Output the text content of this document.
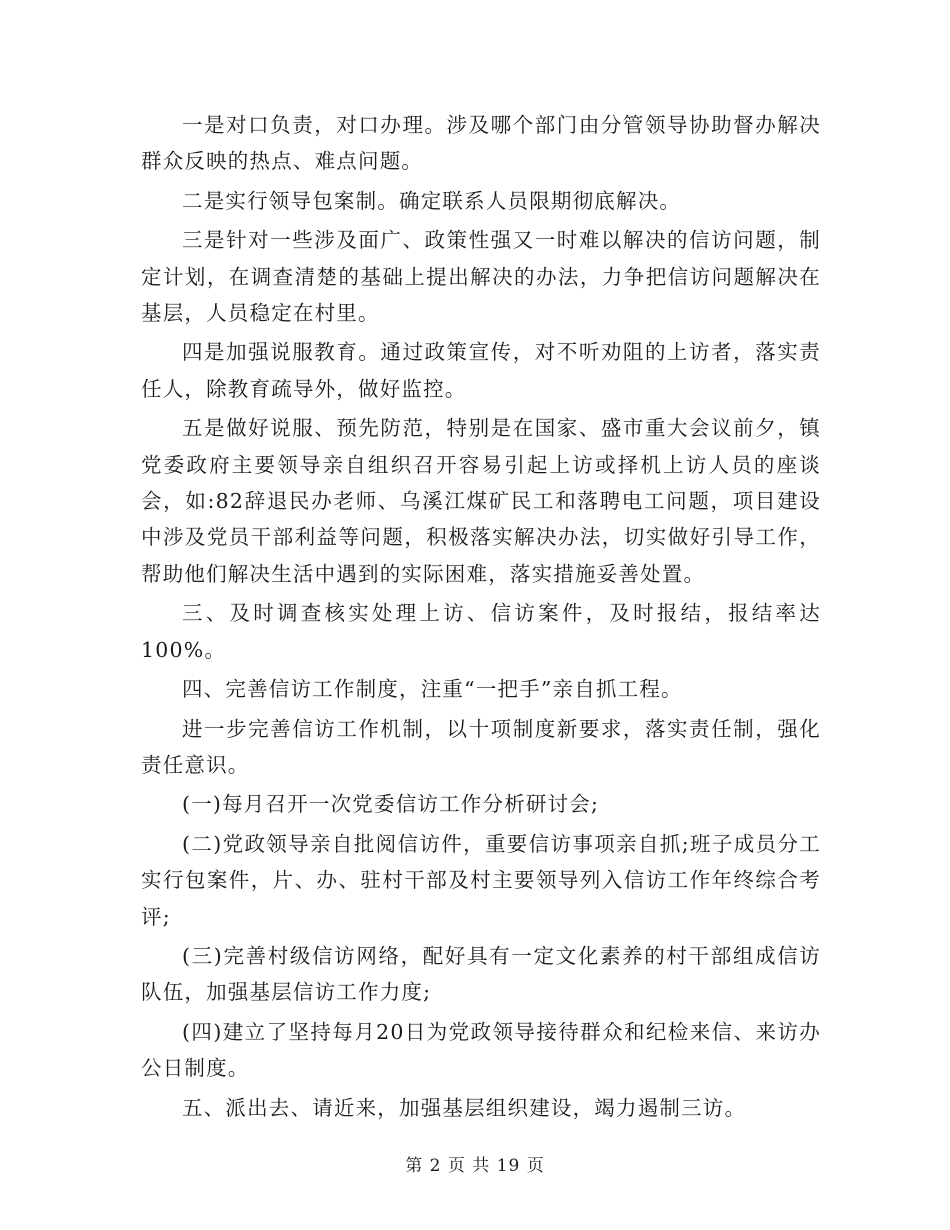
一是对口负责，对口办理。涉及哪个部门由分管领导协助督办解决群众反映的热点、难点问题。

二是实行领导包案制。确定联系人员限期彻底解决。

三是针对一些涉及面广、政策性强又一时难以解决的信访问题，制定计划，在调查清楚的基础上提出解决的办法，力争把信访问题解决在基层，人员稳定在村里。

四是加强说服教育。通过政策宣传，对不听劝阻的上访者，落实责任人，除教育疏导外，做好监控。

五是做好说服、预先防范，特别是在国家、盛市重大会议前夕，镇党委政府主要领导亲自组织召开容易引起上访或择机上访人员的座谈会，如:82辞退民办老师、乌溪江煤矿民工和落聘电工问题，项目建设中涉及党员干部利益等问题，积极落实解决办法，切实做好引导工作，帮助他们解决生活中遇到的实际困难，落实措施妥善处置。

三、及时调查核实处理上访、信访案件，及时报结，报结率达100%。

四、完善信访工作制度，注重“一把手”亲自抓工程。

进一步完善信访工作机制，以十项制度新要求，落实责任制，强化责任意识。

(一)每月召开一次党委信访工作分析研讨会;

(二)党政领导亲自批阅信访件，重要信访事项亲自抓;班子成员分工实行包案件，片、办、驻村干部及村主要领导列入信访工作年终综合考评;

(三)完善村级信访网络，配好具有一定文化素养的村干部组成信访队伍，加强基层信访工作力度;

(四)建立了坚持每月20日为党政领导接待群众和纪检来信、来访办公日制度。

五、派出去、请近来，加强基层组织建设，竭力遏制三访。

第 2 页 共 19 页
